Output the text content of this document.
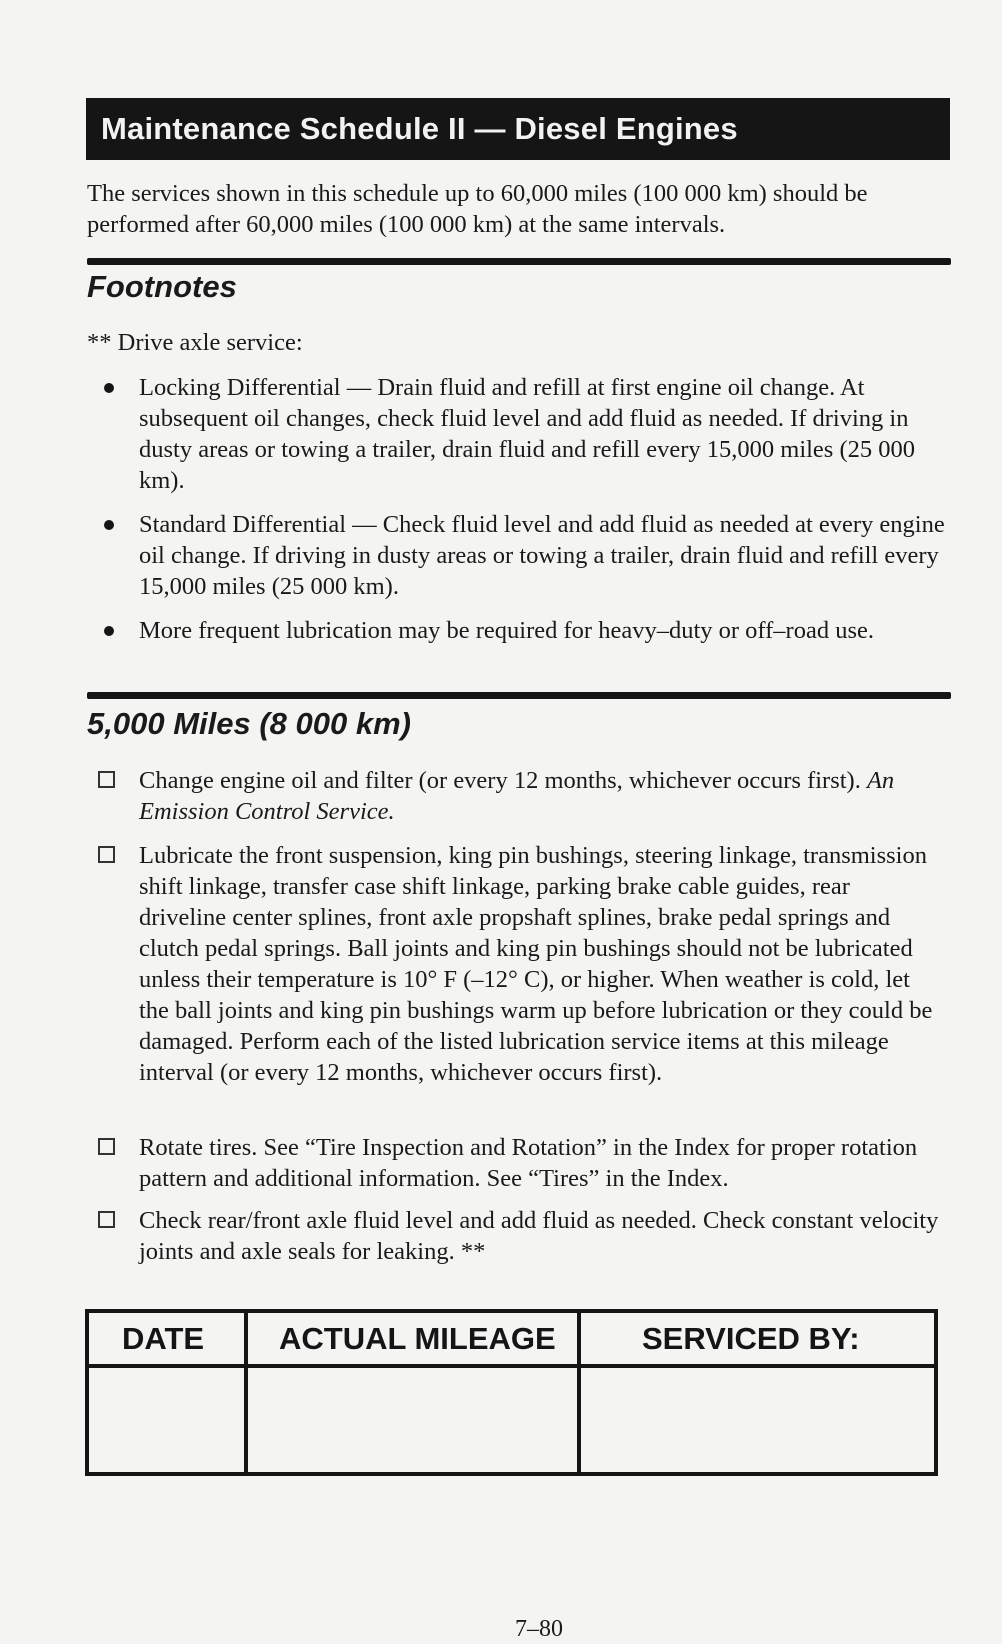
Maintenance Schedule II — Diesel Engines
The services shown in this schedule up to 60,000 miles (100 000 km) should be performed after 60,000 miles (100 000 km) at the same intervals.
Footnotes
** Drive axle service:
Locking Differential — Drain fluid and refill at first engine oil change. At subsequent oil changes, check fluid level and add fluid as needed. If driving in dusty areas or towing a trailer, drain fluid and refill every 15,000 miles (25 000 km).
Standard Differential — Check fluid level and add fluid as needed at every engine oil change. If driving in dusty areas or towing a trailer, drain fluid and refill every 15,000 miles (25 000 km).
More frequent lubrication may be required for heavy–duty or off–road use.
5,000 Miles (8 000 km)
Change engine oil and filter (or every 12 months, whichever occurs first). An Emission Control Service.
Lubricate the front suspension, king pin bushings, steering linkage, transmission shift linkage, transfer case shift linkage, parking brake cable guides, rear driveline center splines, front axle propshaft splines, brake pedal springs and clutch pedal springs. Ball joints and king pin bushings should not be lubricated unless their temperature is 10° F (–12° C), or higher. When weather is cold, let the ball joints and king pin bushings warm up before lubrication or they could be damaged. Perform each of the listed lubrication service items at this mileage interval (or every 12 months, whichever occurs first).
Rotate tires. See “Tire Inspection and Rotation” in the Index for proper rotation pattern and additional information. See “Tires” in the Index.
Check rear/front axle fluid level and add fluid as needed. Check constant velocity joints and axle seals for leaking. **
DATE ACTUAL MILEAGE	SERVICED BY:
7–80
